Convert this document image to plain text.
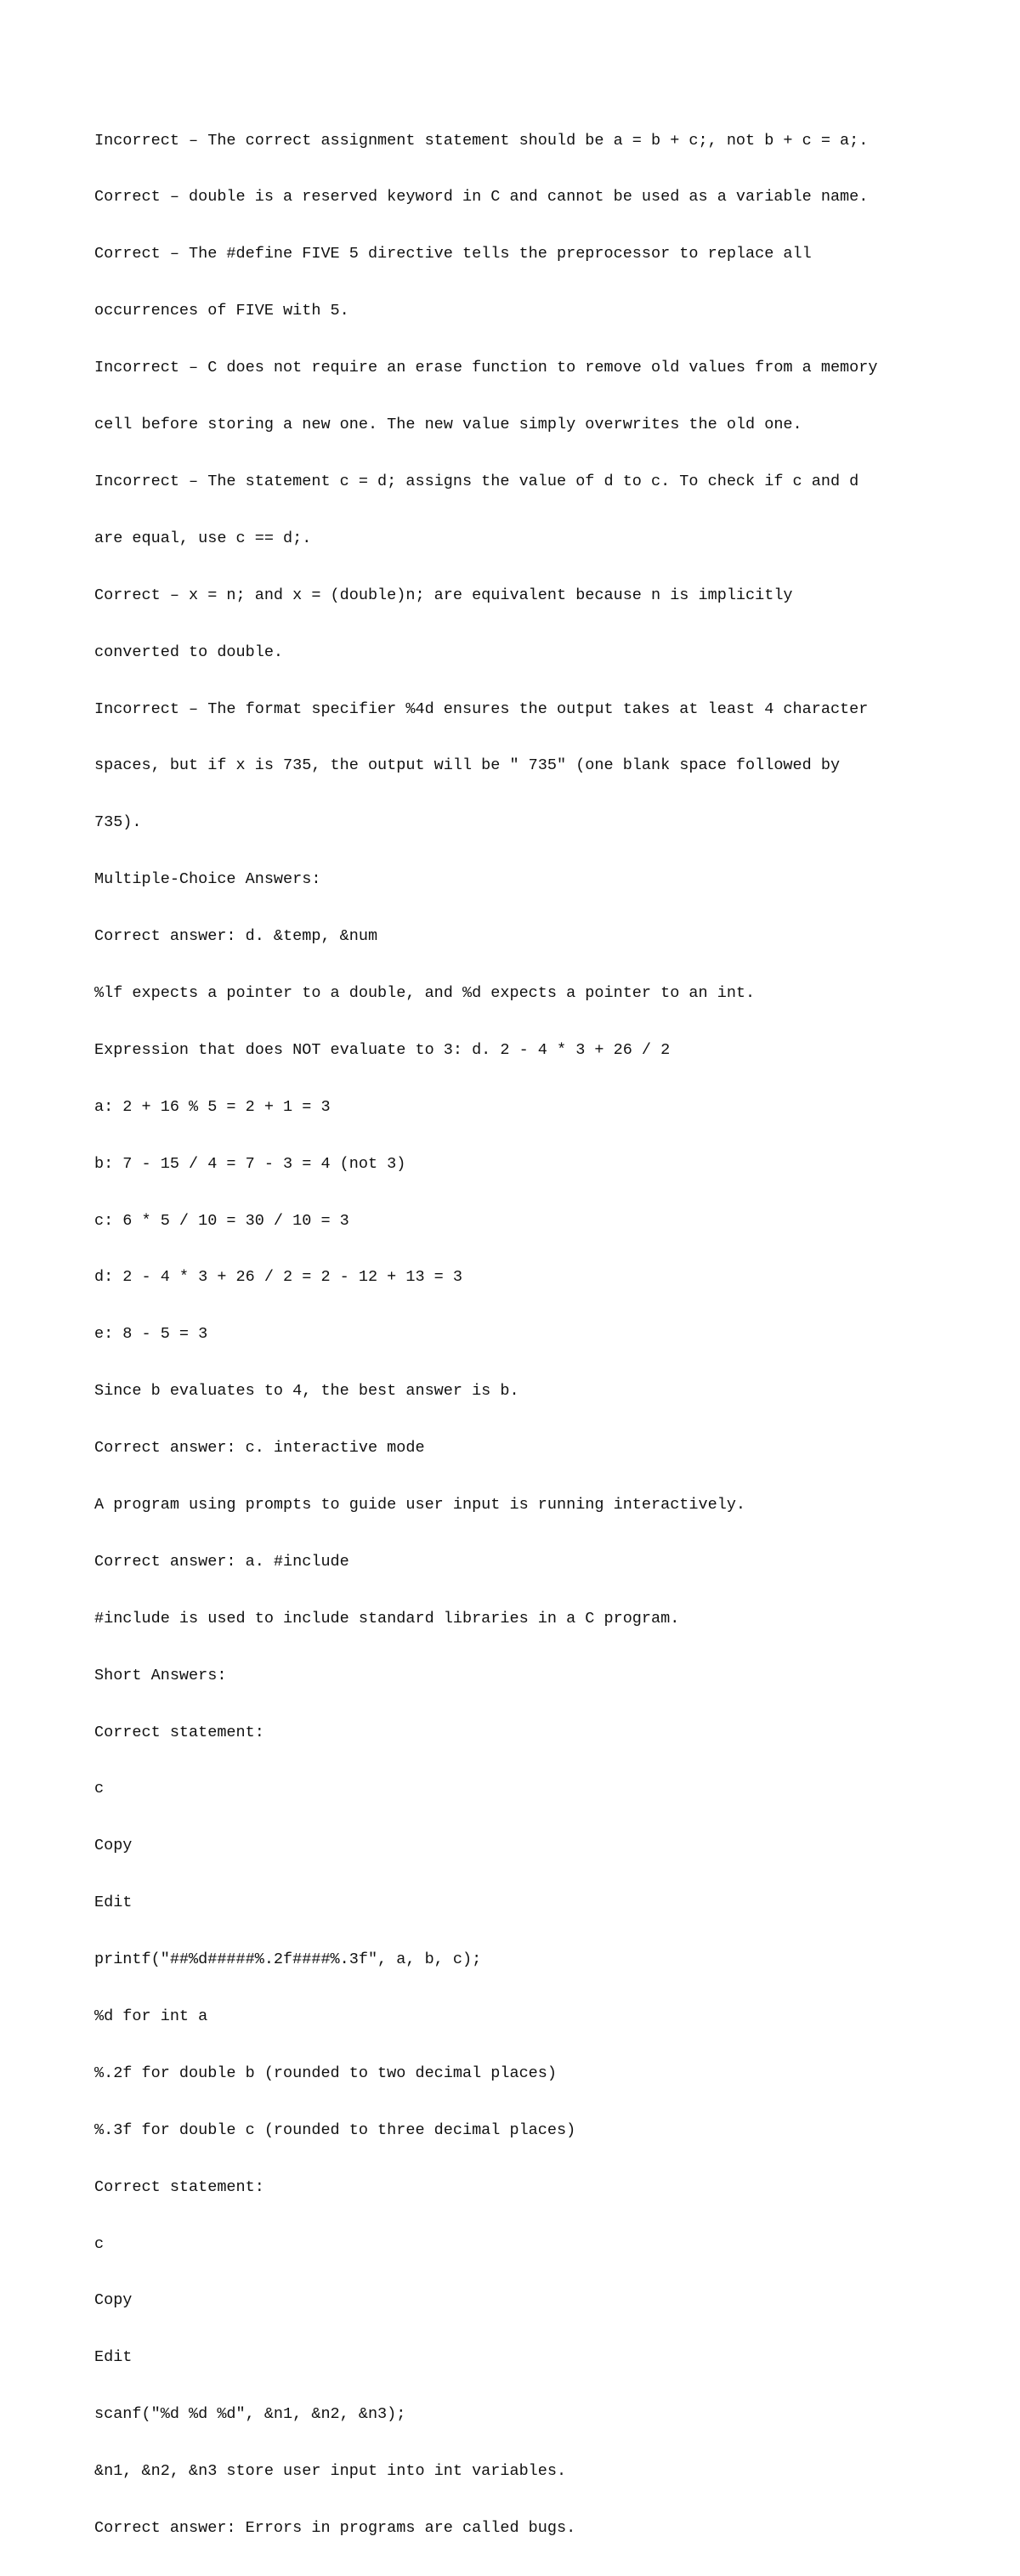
Incorrect – The correct assignment statement should be a = b + c;, not b + c = a;.

Correct – double is a reserved keyword in C and cannot be used as a variable name.

Correct – The #define FIVE 5 directive tells the preprocessor to replace all

occurrences of FIVE with 5.

Incorrect – C does not require an erase function to remove old values from a memory

cell before storing a new one. The new value simply overwrites the old one.

Incorrect – The statement c = d; assigns the value of d to c. To check if c and d

are equal, use c == d;.

Correct – x = n; and x = (double)n; are equivalent because n is implicitly

converted to double.

Incorrect – The format specifier %4d ensures the output takes at least 4 character

spaces, but if x is 735, the output will be " 735" (one blank space followed by

735).

Multiple-Choice Answers:

Correct answer: d. &temp, &num

%lf expects a pointer to a double, and %d expects a pointer to an int.

Expression that does NOT evaluate to 3: d. 2 - 4 * 3 + 26 / 2

a: 2 + 16 % 5 = 2 + 1 = 3

b: 7 - 15 / 4 = 7 - 3 = 4 (not 3)

c: 6 * 5 / 10 = 30 / 10 = 3

d: 2 - 4 * 3 + 26 / 2 = 2 - 12 + 13 = 3

e: 8 - 5 = 3

Since b evaluates to 4, the best answer is b.

Correct answer: c. interactive mode

A program using prompts to guide user input is running interactively.

Correct answer: a. #include

#include is used to include standard libraries in a C program.

Short Answers:

Correct statement:

c

Copy

Edit

printf("##%d#####%.2f####%.3f", a, b, c);

%d for int a

%.2f for double b (rounded to two decimal places)

%.3f for double c (rounded to three decimal places)

Correct statement:

c

Copy

Edit

scanf("%d %d %d", &n1, &n2, &n3);

&n1, &n2, &n3 store user input into int variables.

Correct answer: Errors in programs are called bugs.
